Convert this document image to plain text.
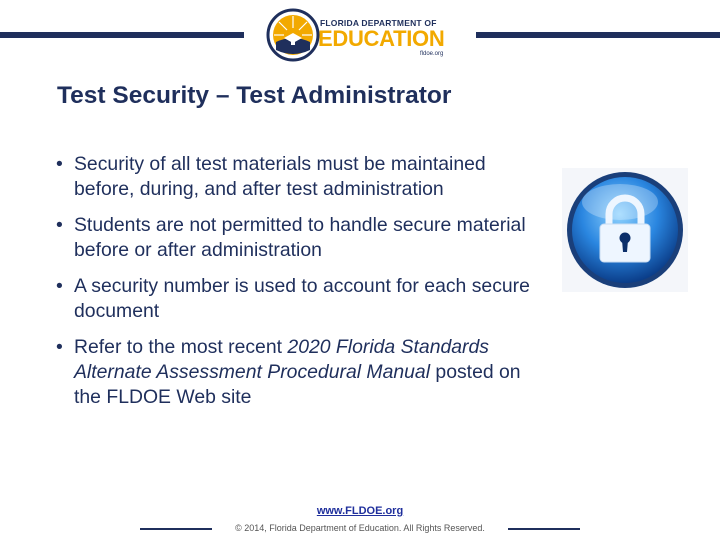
FLORIDA DEPARTMENT OF
EDUCATION
fldoe.org
Test Security – Test Administrator
• Security of all test materials must be maintained before, during, and after test administration
• Students are not permitted to handle secure material before or after administration
• A security number is used to account for each secure document
• Refer to the most recent 2020 Florida Standards Alternate Assessment Procedural Manual posted on the FLDOE Web site
www.FLDOE.org
© 2014, Florida Department of Education. All Rights Reserved.
